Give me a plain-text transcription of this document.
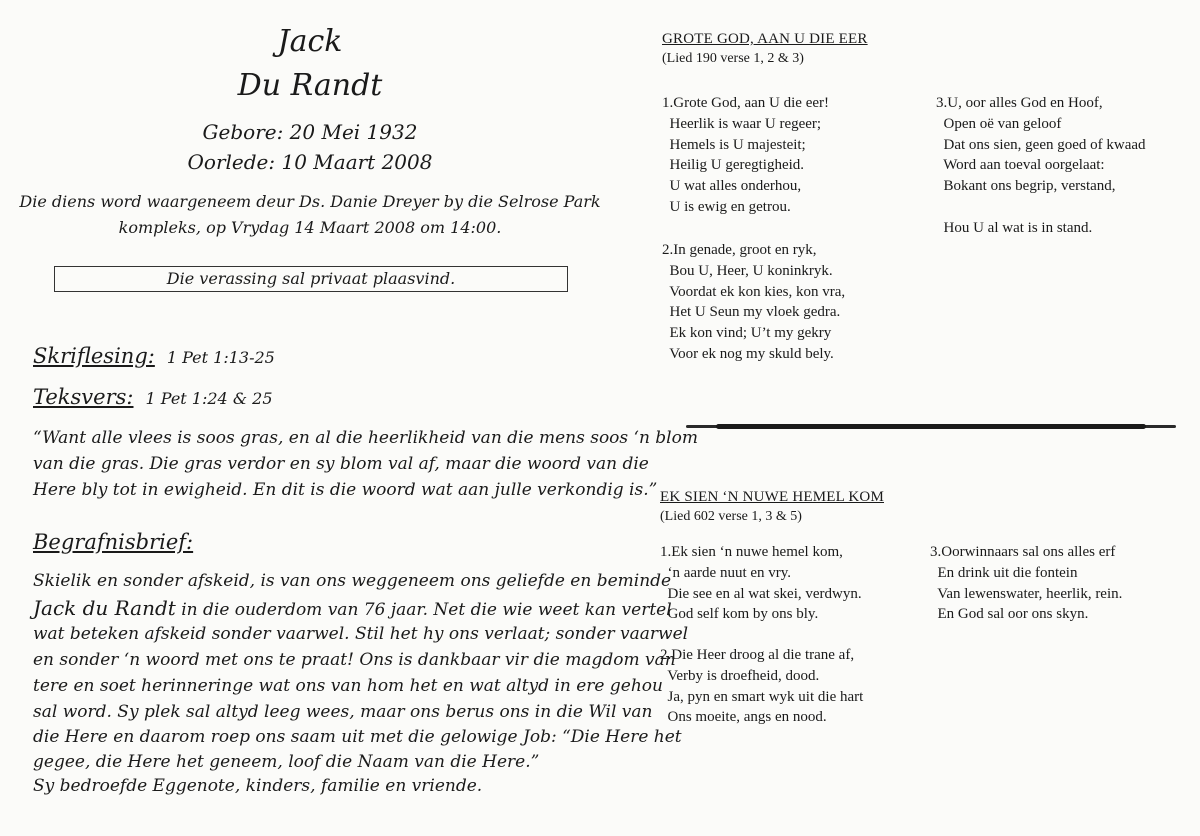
Jack
Du Randt
Gebore: 20 Mei 1932
Oorlede: 10 Maart 2008
Die diens word waargeneem deur Ds. Danie Dreyer by die Selrose Park
kompleks, op Vrydag 14 Maart 2008 om 14:00.
Die verassing sal privaat plaasvind.
Skriflesing: 1 Pet 1:13-25
Teksvers: 1 Pet 1:24 & 25
“Want alle vlees is soos gras, en al die heerlikheid van die mens soos ‘n blom
van die gras. Die gras verdor en sy blom val af, maar die woord van die
Here bly tot in ewigheid. En dit is die woord wat aan julle verkondig is.”
Begrafnisbrief:
Skielik en sonder afskeid, is van ons weggeneem ons geliefde en beminde
Jack du Randt in die ouderdom van 76 jaar. Net die wie weet kan vertel
wat beteken afskeid sonder vaarwel. Stil het hy ons verlaat; sonder vaarwel
en sonder ‘n woord met ons te praat! Ons is dankbaar vir die magdom van
tere en soet herinneringe wat ons van hom het en wat altyd in ere gehou
sal word. Sy plek sal altyd leeg wees, maar ons berus ons in die Wil van
die Here en daarom roep ons saam uit met die gelowige Job: “Die Here het
gegee, die Here het geneem, loof die Naam van die Here.”
Sy bedroefde Eggenote, kinders, familie en vriende.
GROTE GOD, AAN U DIE EER
(Lied 190 verse 1, 2 & 3)
1.Grote God, aan U die eer!
Heerlik is waar U regeer;
Hemels is U majesteit;
Heilig U geregtigheid.
U wat alles onderhou,
U is ewig en getrou.
2.In genade, groot en ryk,
Bou U, Heer, U koninkryk.
Voordat ek kon kies, kon vra,
Het U Seun my vloek gedra.
Ek kon vind; U’t my gekry
Voor ek nog my skuld bely.
3.U, oor alles God en Hoof,
Open oë van geloof
Dat ons sien, geen goed of kwaad
Word aan toeval oorgelaat:
Bokant ons begrip, verstand,

Hou U al wat is in stand.
EK SIEN ‘N NUWE HEMEL KOM
(Lied 602 verse 1, 3 & 5)
1.Ek sien ‘n nuwe hemel kom,
‘n aarde nuut en vry.
Die see en al wat skei, verdwyn.
God self kom by ons bly.
2.Die Heer droog al die trane af,
Verby is droefheid, dood.
Ja, pyn en smart wyk uit die hart
Ons moeite, angs en nood.
3.Oorwinnaars sal ons alles erf
En drink uit die fontein
Van lewenswater, heerlik, rein.
En God sal oor ons skyn.
